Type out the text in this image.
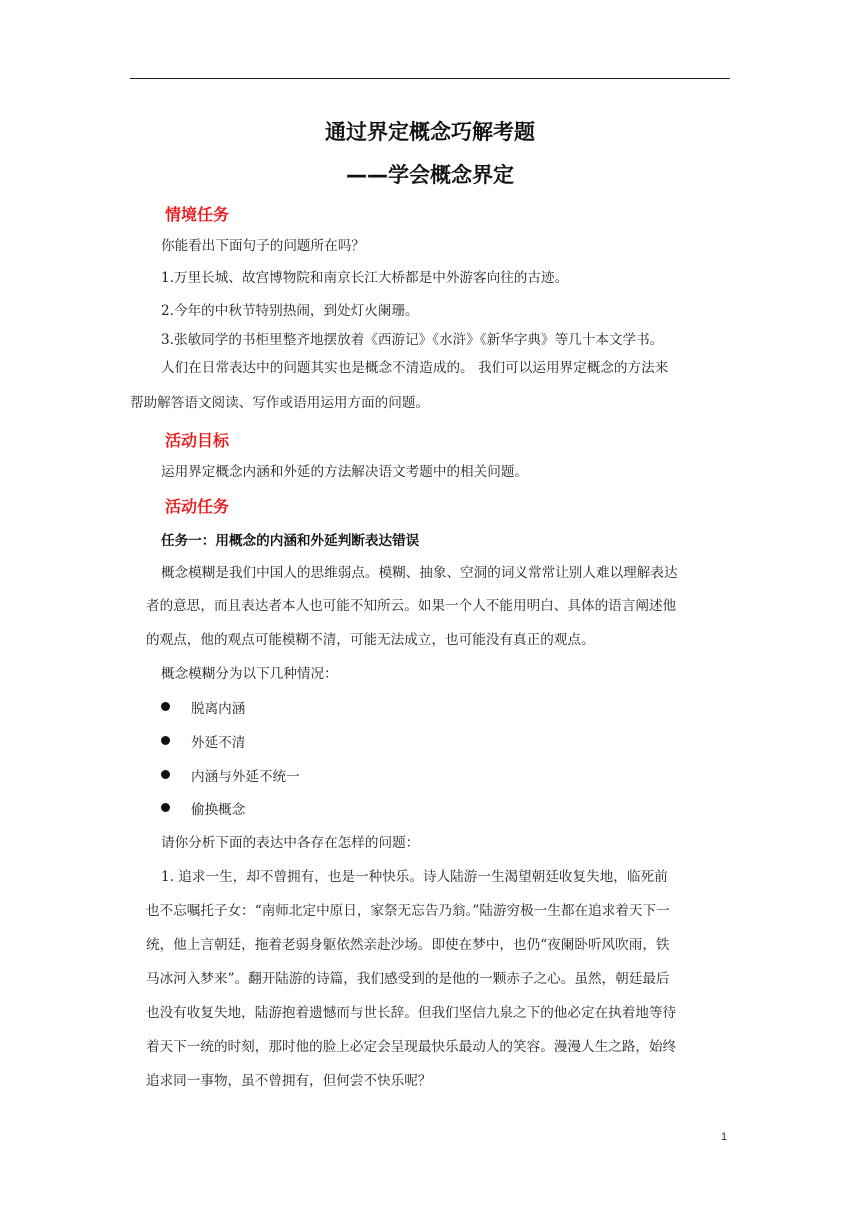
通过界定概念巧解考题
——学会概念界定
情境任务
你能看出下面句子的问题所在吗？
1.万里长城、故宫博物院和南京长江大桥都是中外游客向往的古迹。
2.今年的中秋节特别热闹，到处灯火阑珊。
3.张敏同学的书柜里整齐地摆放着《西游记》《水浒》《新华字典》等几十本文学书。
人们在日常表达中的问题其实也是概念不清造成的。 我们可以运用界定概念的方法来
帮助解答语文阅读、写作或语用运用方面的问题。
活动目标
运用界定概念内涵和外延的方法解决语文考题中的相关问题。
活动任务
任务一：用概念的内涵和外延判断表达错误
概念模糊是我们中国人的思维弱点。模糊、抽象、空洞的词义常常让别人难以理解表达
者的意思，而且表达者本人也可能不知所云。如果一个人不能用明白、具体的语言阐述他
的观点，他的观点可能模糊不清，可能无法成立，也可能没有真正的观点。
概念模糊分为以下几种情况：
脱离内涵
外延不清
内涵与外延不统一
偷换概念
请你分析下面的表达中各存在怎样的问题：
1. 追求一生，却不曾拥有，也是一种快乐。诗人陆游一生渴望朝廷收复失地，临死前
也不忘嘱托子女：“南师北定中原日，家祭无忘告乃翁。”陆游穷极一生都在追求着天下一
统，他上言朝廷，拖着老弱身躯依然亲赴沙场。即使在梦中，也仍“夜阑卧听风吹雨，铁
马冰河入梦来”。翻开陆游的诗篇，我们感受到的是他的一颗赤子之心。虽然，朝廷最后
也没有收复失地，陆游抱着遗憾而与世长辞。但我们坚信九泉之下的他必定在执着地等待
着天下一统的时刻，那时他的脸上必定会呈现最快乐最动人的笑容。漫漫人生之路，始终
追求同一事物，虽不曾拥有，但何尝不快乐呢？
1
